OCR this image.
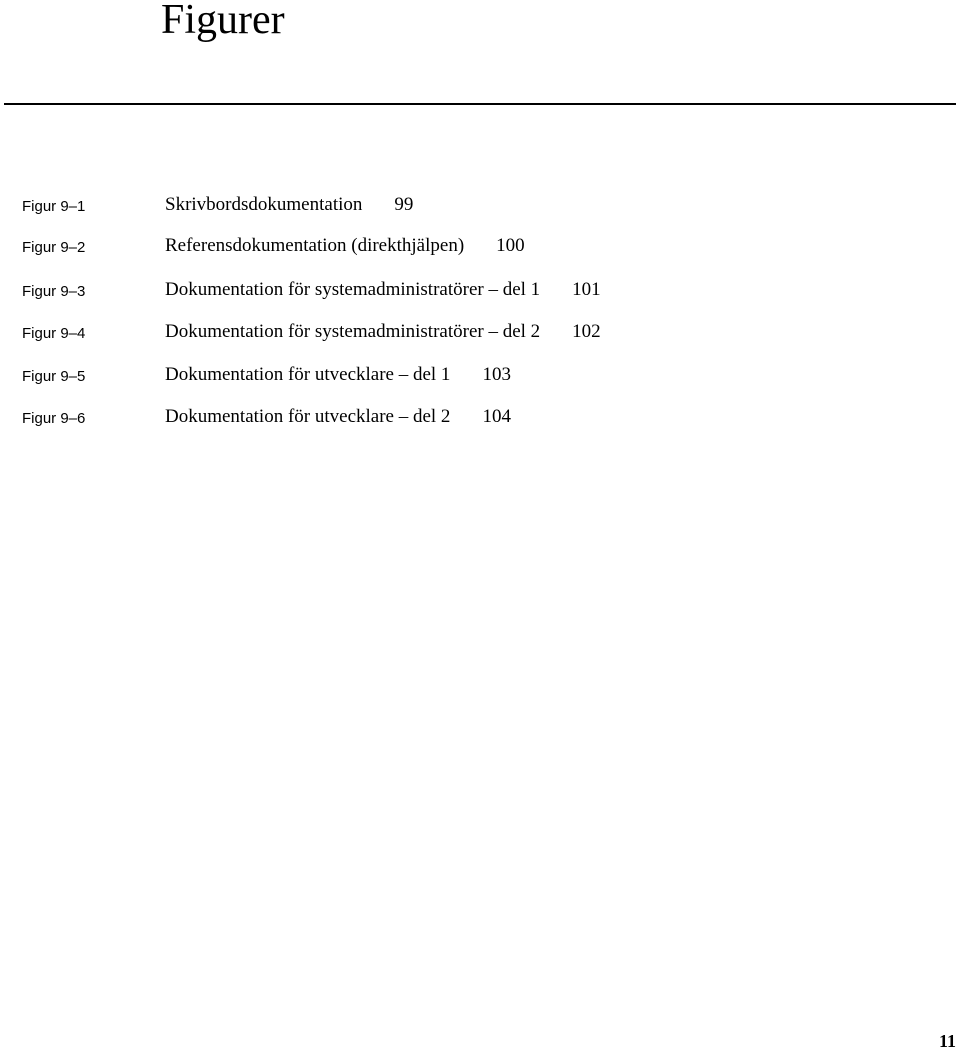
Figurer
Figur 9–1	Skrivbordsdokumentation 99
Figur 9–2	Referensdokumentation (direkthjälpen) 100
Figur 9–3	Dokumentation för systemadministratörer – del 1 101
Figur 9–4	Dokumentation för systemadministratörer – del 2 102
Figur 9–5	Dokumentation för utvecklare – del 1 103
Figur 9–6	Dokumentation för utvecklare – del 2 104
11
